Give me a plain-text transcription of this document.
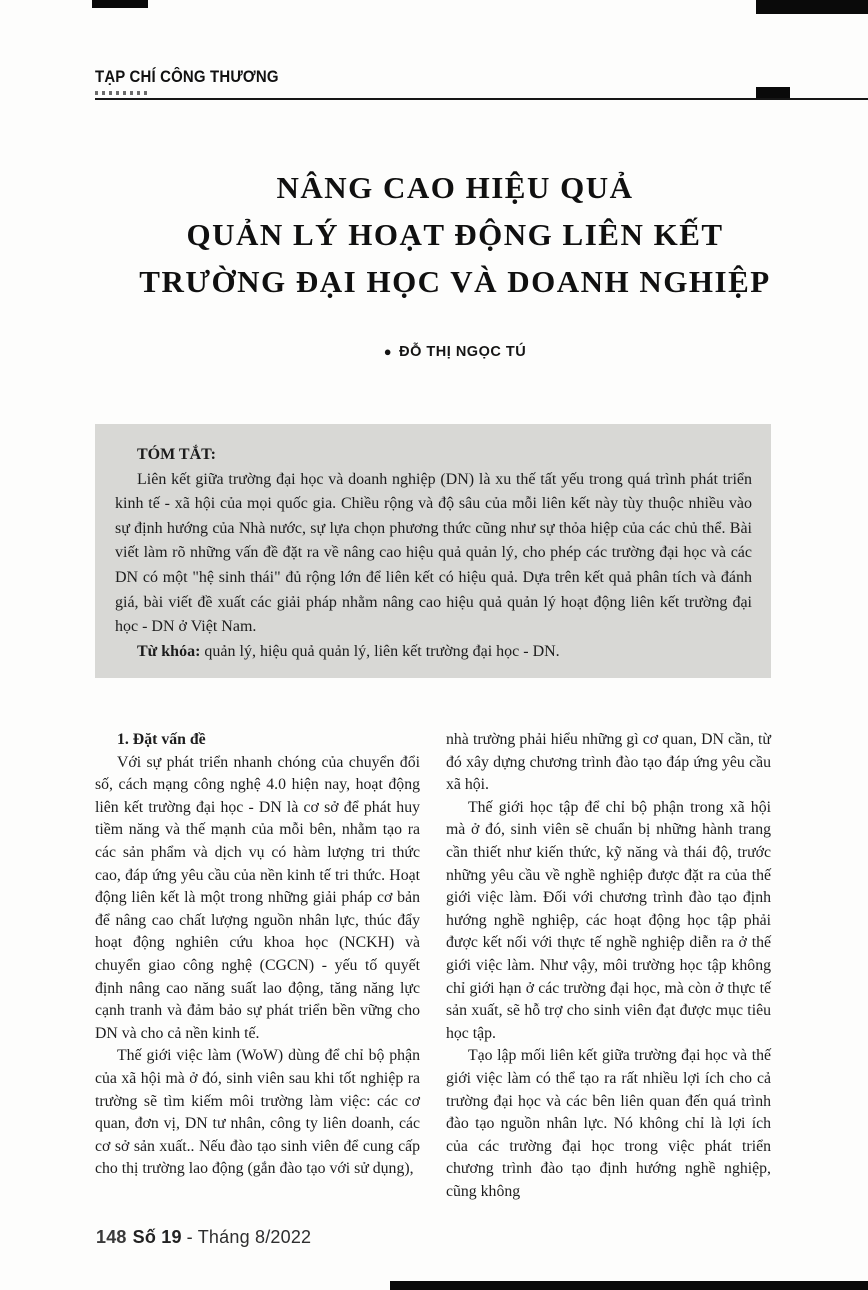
TẠP CHÍ CÔNG THƯƠNG
NÂNG CAO HIỆU QUẢ
QUẢN LÝ HOẠT ĐỘNG LIÊN KẾT
TRƯỜNG ĐẠI HỌC VÀ DOANH NGHIỆP
● ĐỖ THỊ NGỌC TÚ
TÓM TẮT:

Liên kết giữa trường đại học và doanh nghiệp (DN) là xu thế tất yếu trong quá trình phát triển kinh tế - xã hội của mọi quốc gia. Chiều rộng và độ sâu của mỗi liên kết này tùy thuộc nhiều vào sự định hướng của Nhà nước, sự lựa chọn phương thức cũng như sự thỏa hiệp của các chủ thể. Bài viết làm rõ những vấn đề đặt ra về nâng cao hiệu quả quản lý, cho phép các trường đại học và các DN có một "hệ sinh thái" đủ rộng lớn để liên kết có hiệu quả. Dựa trên kết quả phân tích và đánh giá, bài viết đề xuất các giải pháp nhằm nâng cao hiệu quả quản lý hoạt động liên kết trường đại học - DN ở Việt Nam.

Từ khóa: quản lý, hiệu quả quản lý, liên kết trường đại học - DN.

1. Đặt vấn đề

Với sự phát triển nhanh chóng của chuyển đổi số, cách mạng công nghệ 4.0 hiện nay, hoạt động liên kết trường đại học - DN là cơ sở để phát huy tiềm năng và thế mạnh của mỗi bên, nhằm tạo ra các sản phẩm và dịch vụ có hàm lượng tri thức cao, đáp ứng yêu cầu của nền kinh tế tri thức. Hoạt động liên kết là một trong những giải pháp cơ bản để nâng cao chất lượng nguồn nhân lực, thúc đẩy hoạt động nghiên cứu khoa học (NCKH) và chuyển giao công nghệ (CGCN) - yếu tố quyết định nâng cao năng suất lao động, tăng năng lực cạnh tranh và đảm bảo sự phát triển bền vững cho DN và cho cả nền kinh tế.

Thế giới việc làm (WoW) dùng để chỉ bộ phận của xã hội mà ở đó, sinh viên sau khi tốt nghiệp ra trường sẽ tìm kiếm môi trường làm việc: các cơ quan, đơn vị, DN tư nhân, công ty liên doanh, các cơ sở sản xuất.. Nếu đào tạo sinh viên để cung cấp cho thị trường lao động (gắn đào tạo với sử dụng),

nhà trường phải hiểu những gì cơ quan, DN cần, từ đó xây dựng chương trình đào tạo đáp ứng yêu cầu xã hội.

Thế giới học tập để chỉ bộ phận trong xã hội mà ở đó, sinh viên sẽ chuẩn bị những hành trang cần thiết như kiến thức, kỹ năng và thái độ, trước những yêu cầu về nghề nghiệp được đặt ra của thế giới việc làm. Đối với chương trình đào tạo định hướng nghề nghiệp, các hoạt động học tập phải được kết nối với thực tế nghề nghiệp diễn ra ở thế giới việc làm. Như vậy, môi trường học tập không chỉ giới hạn ở các trường đại học, mà còn ở thực tế sản xuất, sẽ hỗ trợ cho sinh viên đạt được mục tiêu học tập.

Tạo lập mối liên kết giữa trường đại học và thế giới việc làm có thể tạo ra rất nhiều lợi ích cho cả trường đại học và các bên liên quan đến quá trình đào tạo nguồn nhân lực. Nó không chỉ là lợi ích của các trường đại học trong việc phát triển chương trình đào tạo định hướng nghề nghiệp, cũng không

148 Số 19 - Tháng 8/2022
